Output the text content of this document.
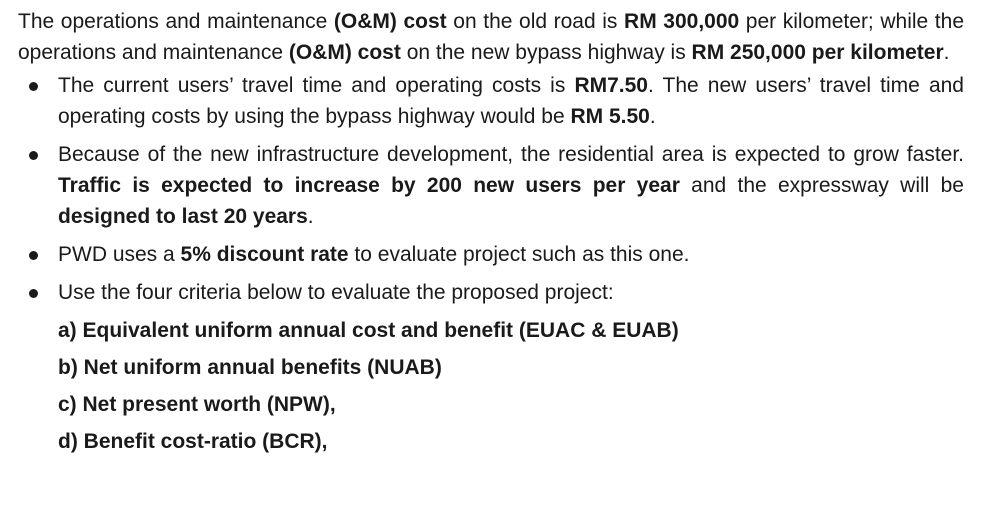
The operations and maintenance (O&M) cost on the old road is RM 300,000 per kilometer; while the operations and maintenance (O&M) cost on the new bypass highway is RM 250,000 per kilometer.

The current users’ travel time and operating costs is RM7.50. The new users’ travel time and operating costs by using the bypass highway would be RM 5.50.
Because of the new infrastructure development, the residential area is expected to grow faster. Traffic is expected to increase by 200 new users per year and the expressway will be designed to last 20 years.
PWD uses a 5% discount rate to evaluate project such as this one.
Use the four criteria below to evaluate the proposed project:
a) Equivalent uniform annual cost and benefit (EUAC & EUAB)
b) Net uniform annual benefits (NUAB)
c) Net present worth (NPW),
d) Benefit cost-ratio (BCR),
